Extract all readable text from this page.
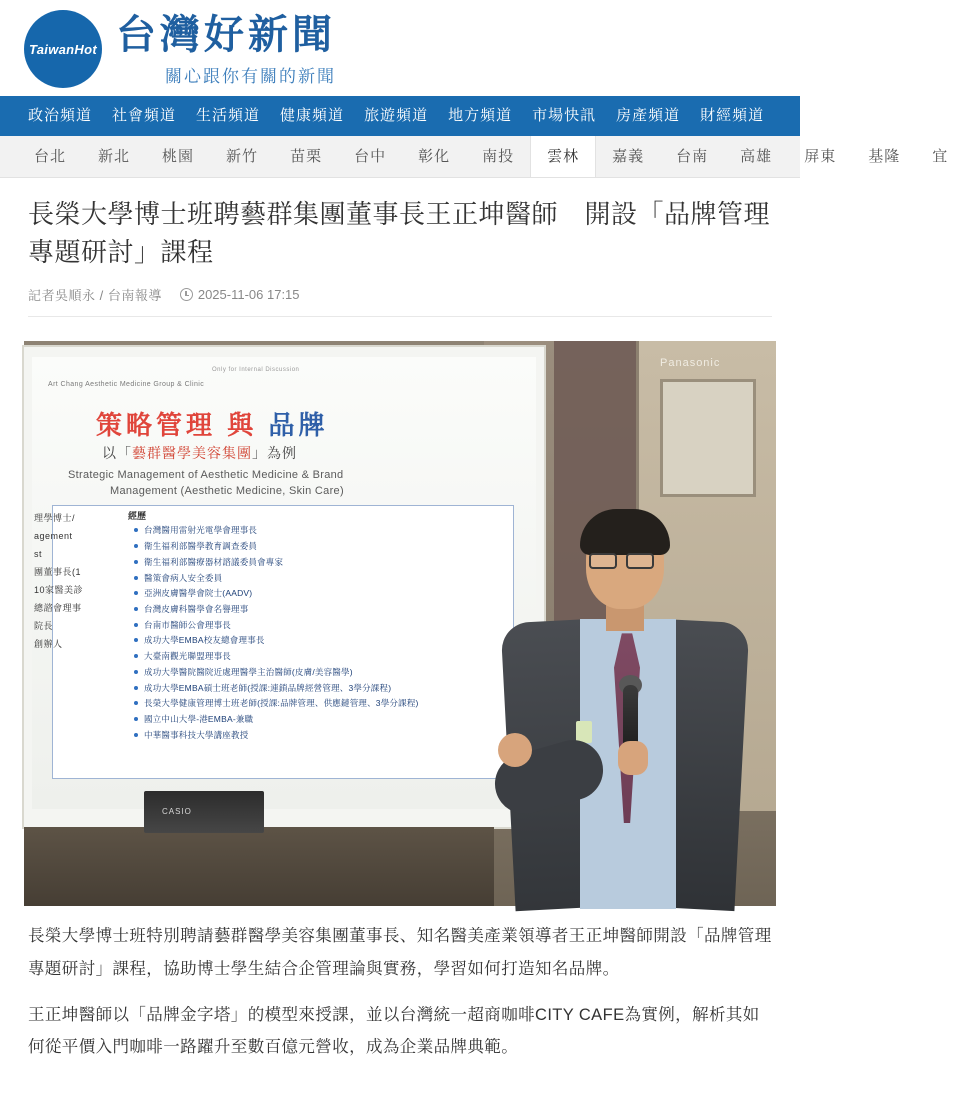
TaiwanHot 台灣好新聞
關心跟你有關的新聞
政治頻道	社會頻道	生活頻道	健康頻道	旅遊頻道	地方頻道	市場快訊	房產頻道	財經頻道
台北	新北	桃園	新竹	苗栗	台中	彰化	南投	雲林	嘉義	台南	高雄	屏東	基隆	宜
長榮大學博士班聘藝群集團董事長王正坤醫師　開設「品牌管理專題研討」課程
記者吳順永 / 台南報導	2025-11-06 17:15
Panasonic
Only for Internal Discussion
Art Chang Aesthetic Medicine Group & Clinic
策略管理 與 品牌
以「藝群醫學美容集團」為例
Strategic Management of Aesthetic Medicine & Brand
Management (Aesthetic Medicine, Skin Care)
理學博士/
agement
st
團董事長(1
10家醫美診
總諮會理事
院長
創辦人
經歷
台灣醫用雷射光電學會理事長
衛生福利部醫學教育調查委員
衛生福利部醫療器材諮議委員會專家
醫策會病人安全委員
亞洲皮膚醫學會院士(AADV)
台灣皮膚科醫學會名譽理事
台南市醫師公會理事長
成功大學EMBA校友總會理事長
大臺南觀光聯盟理事長
成功大學醫院醫院近處理醫學主治醫師(皮膚/美容醫學)
成功大學EMBA碩士班老師(授課:連鎖品牌經營管理、3學分課程)
長榮大學健康管理博士班老師(授課:品牌管理、供應鏈管理、3學分課程)
國立中山大學-港EMBA-兼職
中華醫事科技大學講座教授
CASIO

長榮大學博士班特別聘請藝群醫學美容集團董事長、知名醫美產業領導者王正坤醫師開設「品牌管理專題研討」課程，協助博士學生結合企管理論與實務，學習如何打造知名品牌。

王正坤醫師以「品牌金字塔」的模型來授課，並以台灣統一超商咖啡CITY CAFE為實例，解析其如何從平價入門咖啡一路躍升至數百億元營收，成為企業品牌典範。
